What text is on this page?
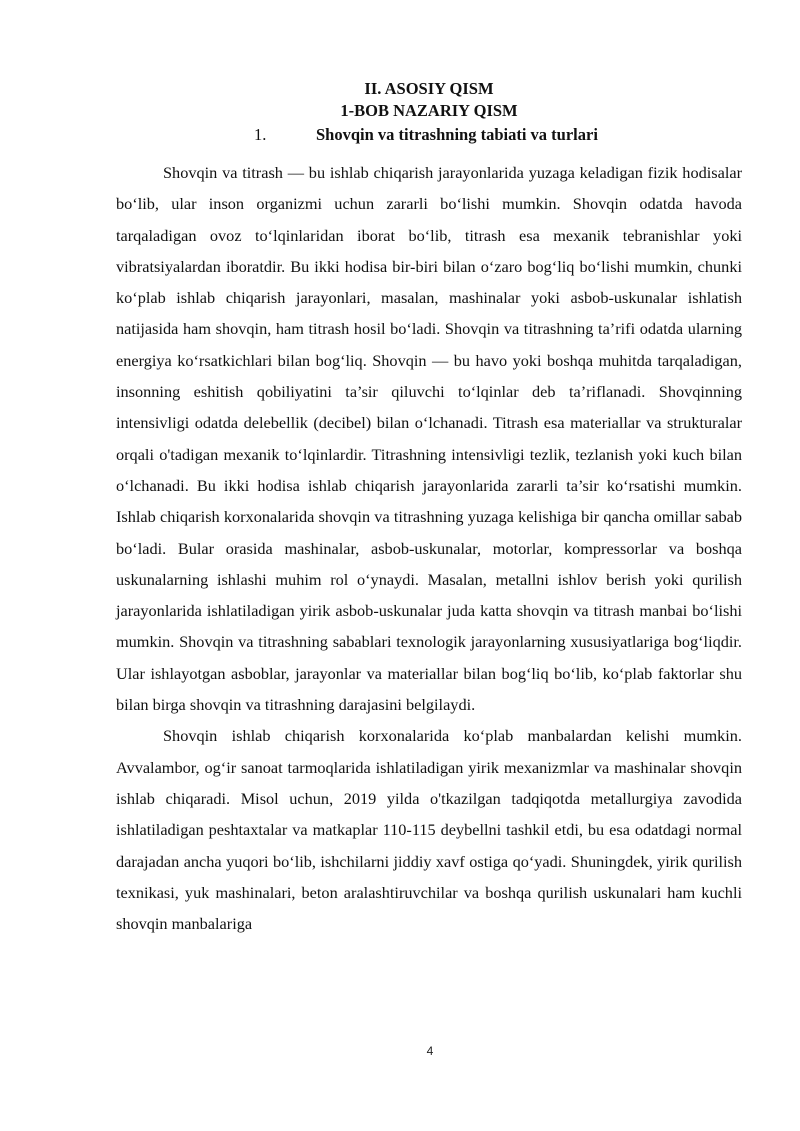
II. ASOSIY QISM
1-BOB NAZARIY QISM
1.	Shovqin va titrashning tabiati va turlari

Shovqin va titrash — bu ishlab chiqarish jarayonlarida yuzaga keladigan fizik hodisalar bo‘lib, ular inson organizmi uchun zararli bo‘lishi mumkin. Shovqin odatda havoda tarqaladigan ovoz to‘lqinlaridan iborat bo‘lib, titrash esa mexanik tebranishlar yoki vibratsiyalardan iboratdir. Bu ikki hodisa bir-biri bilan o‘zaro bog‘liq bo‘lishi mumkin, chunki ko‘plab ishlab chiqarish jarayonlari, masalan, mashinalar yoki asbob-uskunalar ishlatish natijasida ham shovqin, ham titrash hosil bo‘ladi. Shovqin va titrashning ta’rifi odatda ularning energiya ko‘rsatkichlari bilan bog‘liq. Shovqin — bu havo yoki boshqa muhitda tarqaladigan, insonning eshitish qobiliyatini ta’sir qiluvchi to‘lqinlar deb ta’riflanadi. Shovqinning intensivligi odatda delebellik (decibel) bilan o‘lchanadi. Titrash esa materiallar va strukturalar orqali o'tadigan mexanik to‘lqinlardir. Titrashning intensivligi tezlik, tezlanish yoki kuch bilan o‘lchanadi. Bu ikki hodisa ishlab chiqarish jarayonlarida zararli ta’sir ko‘rsatishi mumkin. Ishlab chiqarish korxonalarida shovqin va titrashning yuzaga kelishiga bir qancha omillar sabab bo‘ladi. Bular orasida mashinalar, asbob-uskunalar, motorlar, kompressorlar va boshqa uskunalarning ishlashi muhim rol o‘ynaydi. Masalan, metallni ishlov berish yoki qurilish jarayonlarida ishlatiladigan yirik asbob-uskunalar juda katta shovqin va titrash manbai bo‘lishi mumkin. Shovqin va titrashning sabablari texnologik jarayonlarning xususiyatlariga bog‘liqdir. Ular ishlayotgan asboblar, jarayonlar va materiallar bilan bog‘liq bo‘lib, ko‘plab faktorlar shu bilan birga shovqin va titrashning darajasini belgilaydi.

Shovqin ishlab chiqarish korxonalarida ko‘plab manbalardan kelishi mumkin. Avvalambor, og‘ir sanoat tarmoqlarida ishlatiladigan yirik mexanizmlar va mashinalar shovqin ishlab chiqaradi. Misol uchun, 2019 yilda o'tkazilgan tadqiqotda metallurgiya zavodida ishlatiladigan peshtaxtalar va matkaplar 110-115 deybellni tashkil etdi, bu esa odatdagi normal darajadan ancha yuqori bo‘lib, ishchilarni jiddiy xavf ostiga qo‘yadi. Shuningdek, yirik qurilish texnikasi, yuk mashinalari, beton aralashtiruvchilar va boshqa qurilish uskunalari ham kuchli shovqin manbalariga

4
